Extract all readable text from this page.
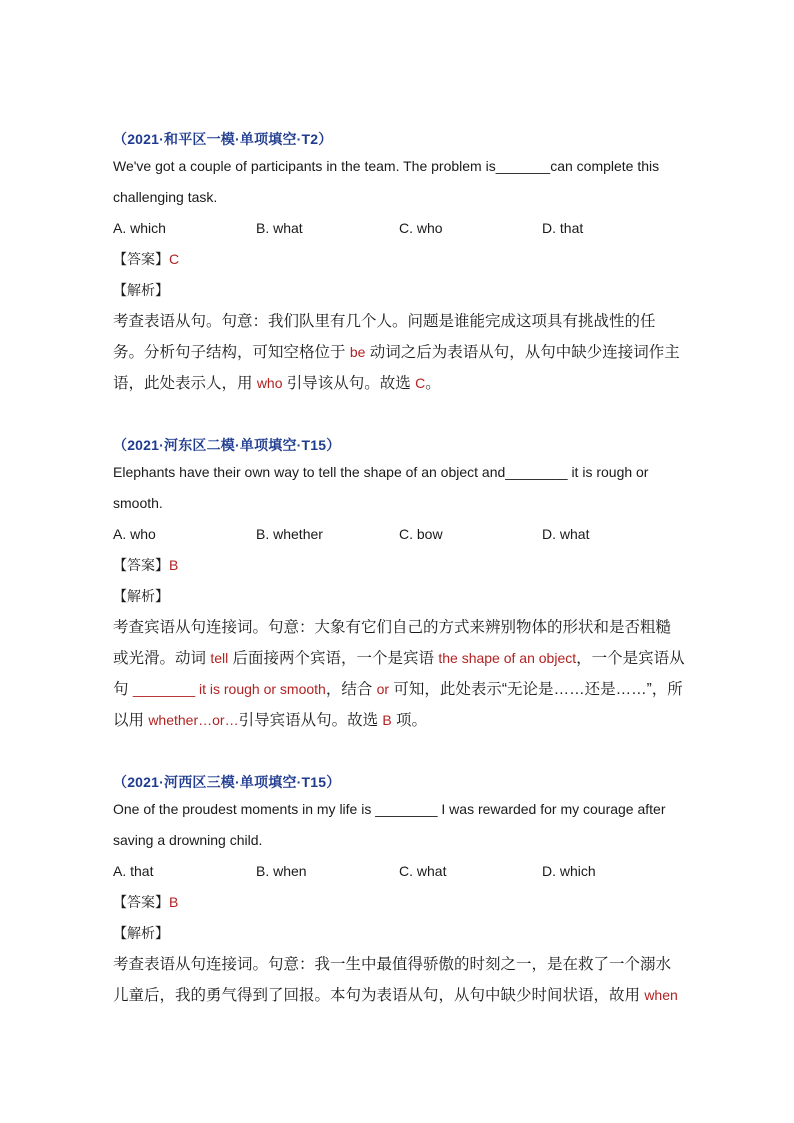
（2021·和平区一模·单项填空·T2）

We've got a couple of participants in the team. The problem is_______can complete this challenging task.

A. which	B. what	C. who	D. that
【答案】C
【解析】

考查表语从句。句意：我们队里有几个人。问题是谁能完成这项具有挑战性的任务。分析句子结构，可知空格位于 be 动词之后为表语从句，从句中缺少连接词作主语，此处表示人，用 who 引导该从句。故选 C。

（2021·河东区二模·单项填空·T15）

Elephants have their own way to tell the shape of an object and________ it is rough or smooth.

A. who	B. whether	C. bow	D. what
【答案】B
【解析】

考查宾语从句连接词。句意：大象有它们自己的方式来辨别物体的形状和是否粗糙或光滑。动词 tell 后面接两个宾语，一个是宾语 the shape of an object，一个是宾语从句 ________ it is rough or smooth，结合 or 可知，此处表示“无论是……还是……”，所以用 whether…or…引导宾语从句。故选 B 项。

（2021·河西区三模·单项填空·T15）

One of the proudest moments in my life is ________ I was rewarded for my courage after saving a drowning child.

A. that	B. when	C. what	D. which
【答案】B
【解析】

考查表语从句连接词。句意：我一生中最值得骄傲的时刻之一，是在救了一个溺水儿童后，我的勇气得到了回报。本句为表语从句，从句中缺少时间状语，故用 when
